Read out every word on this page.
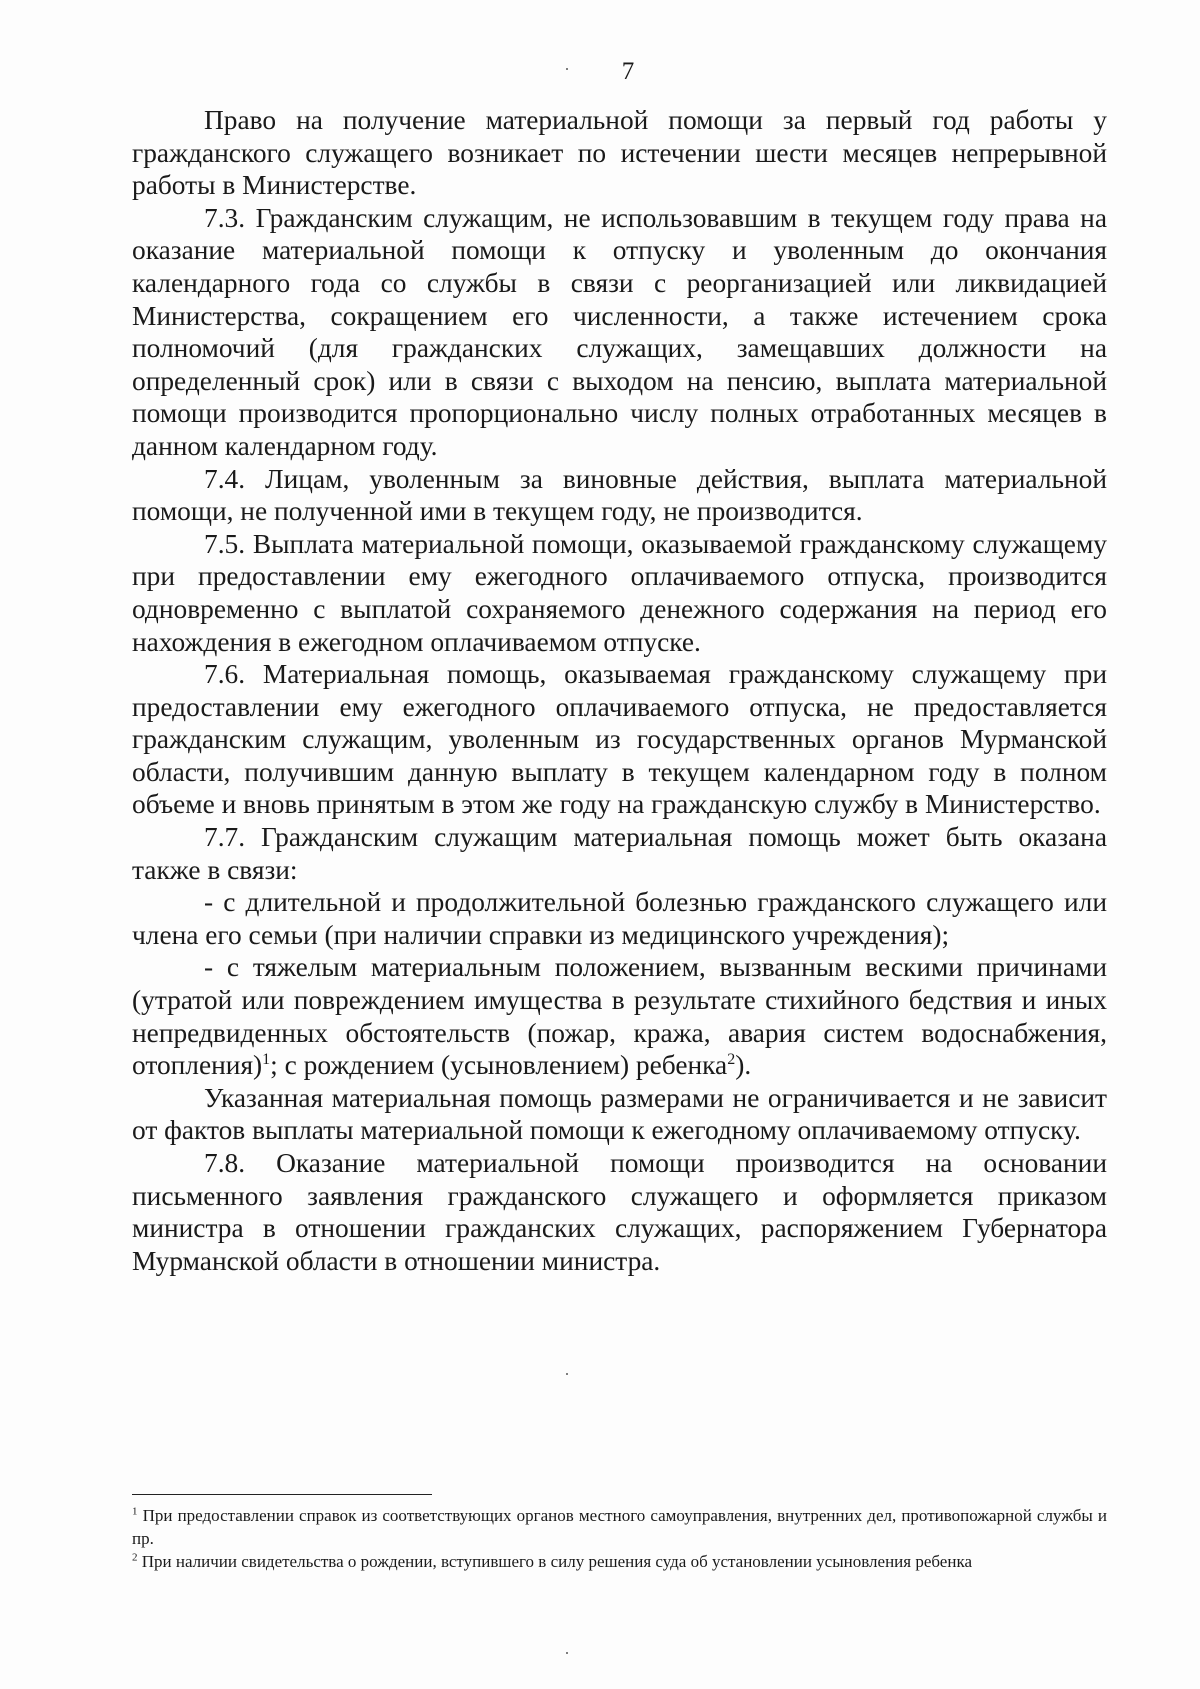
7

Право на получение материальной помощи за первый год работы у гражданского служащего возникает по истечении шести месяцев непрерывной работы в Министерстве.

7.3. Гражданским служащим, не использовавшим в текущем году права на оказание материальной помощи к отпуску и уволенным до окончания календарного года со службы в связи с реорганизацией или ликвидацией Министерства, сокращением его численности, а также истечением срока полномочий (для гражданских служащих, замещавших должности на определенный срок) или в связи с выходом на пенсию, выплата материальной помощи производится пропорционально числу полных отработанных месяцев в данном календарном году.

7.4. Лицам, уволенным за виновные действия, выплата материальной помощи, не полученной ими в текущем году, не производится.

7.5. Выплата материальной помощи, оказываемой гражданскому служащему при предоставлении ему ежегодного оплачиваемого отпуска, производится одновременно с выплатой сохраняемого денежного содержания на период его нахождения в ежегодном оплачиваемом отпуске.

7.6. Материальная помощь, оказываемая гражданскому служащему при предоставлении ему ежегодного оплачиваемого отпуска, не предоставляется гражданским служащим, уволенным из государственных органов Мурманской области, получившим данную выплату в текущем календарном году в полном объеме и вновь принятым в этом же году на гражданскую службу в Министерство.

7.7. Гражданским служащим материальная помощь может быть оказана также в связи:

- с длительной и продолжительной болезнью гражданского служащего или члена его семьи (при наличии справки из медицинского учреждения);

- с тяжелым материальным положением, вызванным вескими причинами (утратой или повреждением имущества в результате стихийного бедствия и иных непредвиденных обстоятельств (пожар, кража, авария систем водоснабжения, отопления)$^1$; с рождением (усыновлением) ребенка$^2$).

Указанная материальная помощь размерами не ограничивается и не зависит от фактов выплаты материальной помощи к ежегодному оплачиваемому отпуску.

7.8. Оказание материальной помощи производится на основании письменного заявления гражданского служащего и оформляется приказом министра в отношении гражданских служащих, распоряжением Губернатора Мурманской области в отношении министра.

$^1$ При предоставлении справок из соответствующих органов местного самоуправления, внутренних дел, противопожарной службы и пр.

$^2$ При наличии свидетельства о рождении, вступившего в силу решения суда об установлении усыновления ребенка
